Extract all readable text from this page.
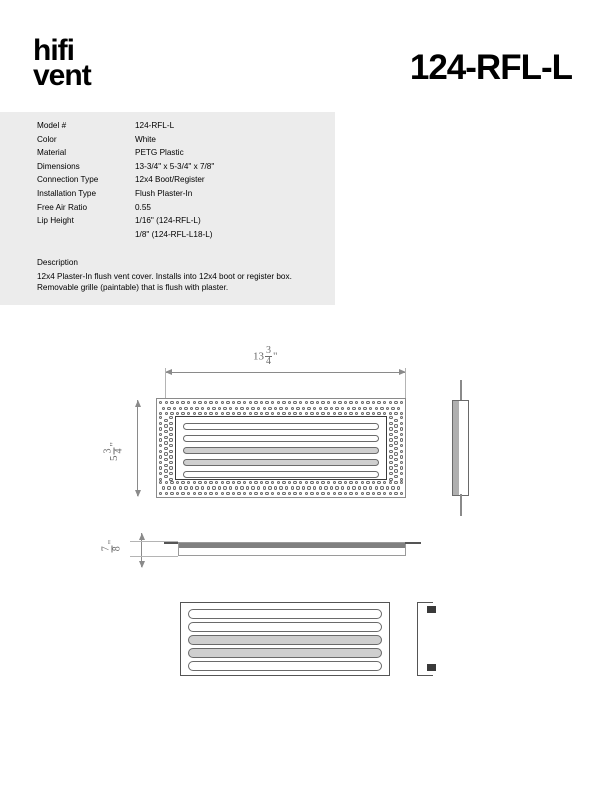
hifi
vent	124-RFL-L
Model #	124-RFL-L
Color	White
Material	PETG Plastic
Dimensions	13-3/4" x 5-3/4" x 7/8"
Connection Type	12x4 Boot/Register
Installation Type	Flush Plaster-In
Free Air Ratio	0.55
Lip Height	1/16" (124-RFL-L)
1/8" (124-RFL-L18-L)
Description
12x4 Plaster-In flush vent cover. Installs into 12x4 boot or register box.
Removable grille (paintable) that is flush with plaster.
$13 \frac{3}{4}$ "
5
3 4
"
7 8
"
